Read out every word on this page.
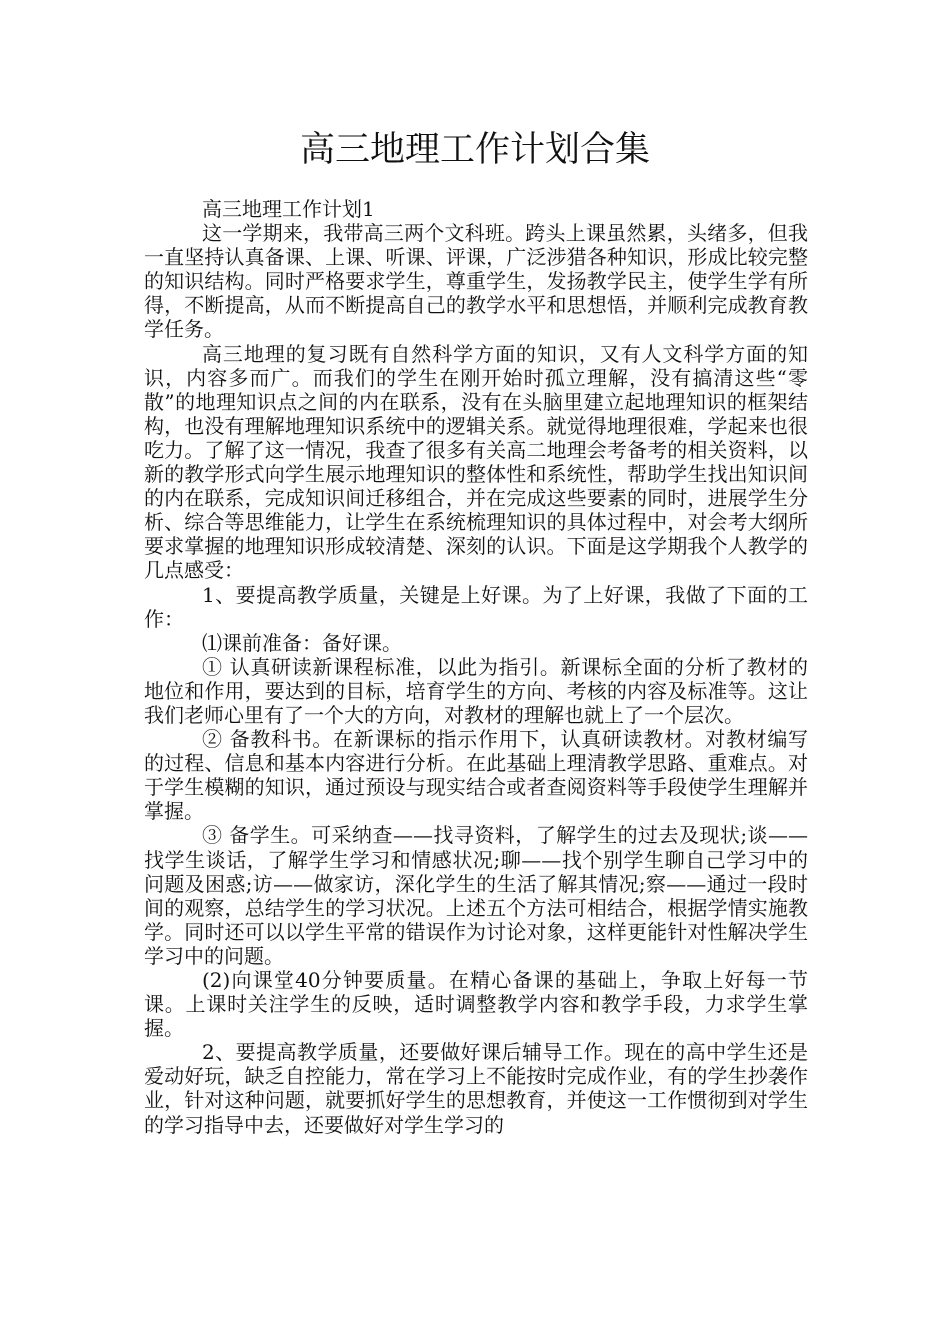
高三地理工作计划合集

高三地理工作计划1

这一学期来，我带高三两个文科班。跨头上课虽然累，头绪多，但我一直坚持认真备课、上课、听课、评课，广泛涉猎各种知识，形成比较完整的知识结构。同时严格要求学生，尊重学生，发扬教学民主，使学生学有所得，不断提高，从而不断提高自己的教学水平和思想悟，并顺利完成教育教学任务。

高三地理的复习既有自然科学方面的知识，又有人文科学方面的知识，内容多而广。而我们的学生在刚开始时孤立理解，没有搞清这些“零散”的地理知识点之间的内在联系，没有在头脑里建立起地理知识的框架结构，也没有理解地理知识系统中的逻辑关系。就觉得地理很难，学起来也很吃力。了解了这一情况，我查了很多有关高二地理会考备考的相关资料，以新的教学形式向学生展示地理知识的整体性和系统性，帮助学生找出知识间的内在联系，完成知识间迁移组合，并在完成这些要素的同时，进展学生分析、综合等思维能力，让学生在系统梳理知识的具体过程中，对会考大纲所要求掌握的地理知识形成较清楚、深刻的认识。下面是这学期我个人教学的几点感受：

1、要提高教学质量，关键是上好课。为了上好课，我做了下面的工作：

⑴课前准备：备好课。

① 认真研读新课程标准，以此为指引。新课标全面的分析了教材的地位和作用，要达到的目标，培育学生的方向、考核的内容及标准等。这让我们老师心里有了一个大的方向，对教材的理解也就上了一个层次。

② 备教科书。在新课标的指示作用下，认真研读教材。对教材编写的过程、信息和基本内容进行分析。在此基础上理清教学思路、重难点。对于学生模糊的知识，通过预设与现实结合或者查阅资料等手段使学生理解并掌握。

③ 备学生。可采纳查——找寻资料，了解学生的过去及现状;谈——找学生谈话，了解学生学习和情感状况;聊——找个别学生聊自己学习中的问题及困惑;访——做家访，深化学生的生活了解其情况;察——通过一段时间的观察，总结学生的学习状况。上述五个方法可相结合，根据学情实施教学。同时还可以以学生平常的错误作为讨论对象，这样更能针对性解决学生学习中的问题。

(2)向课堂40分钟要质量。在精心备课的基础上，争取上好每一节课。上课时关注学生的反映，适时调整教学内容和教学手段，力求学生掌握。

2、要提高教学质量，还要做好课后辅导工作。现在的高中学生还是爱动好玩，缺乏自控能力，常在学习上不能按时完成作业，有的学生抄袭作业，针对这种问题，就要抓好学生的思想教育，并使这一工作惯彻到对学生的学习指导中去，还要做好对学生学习的
